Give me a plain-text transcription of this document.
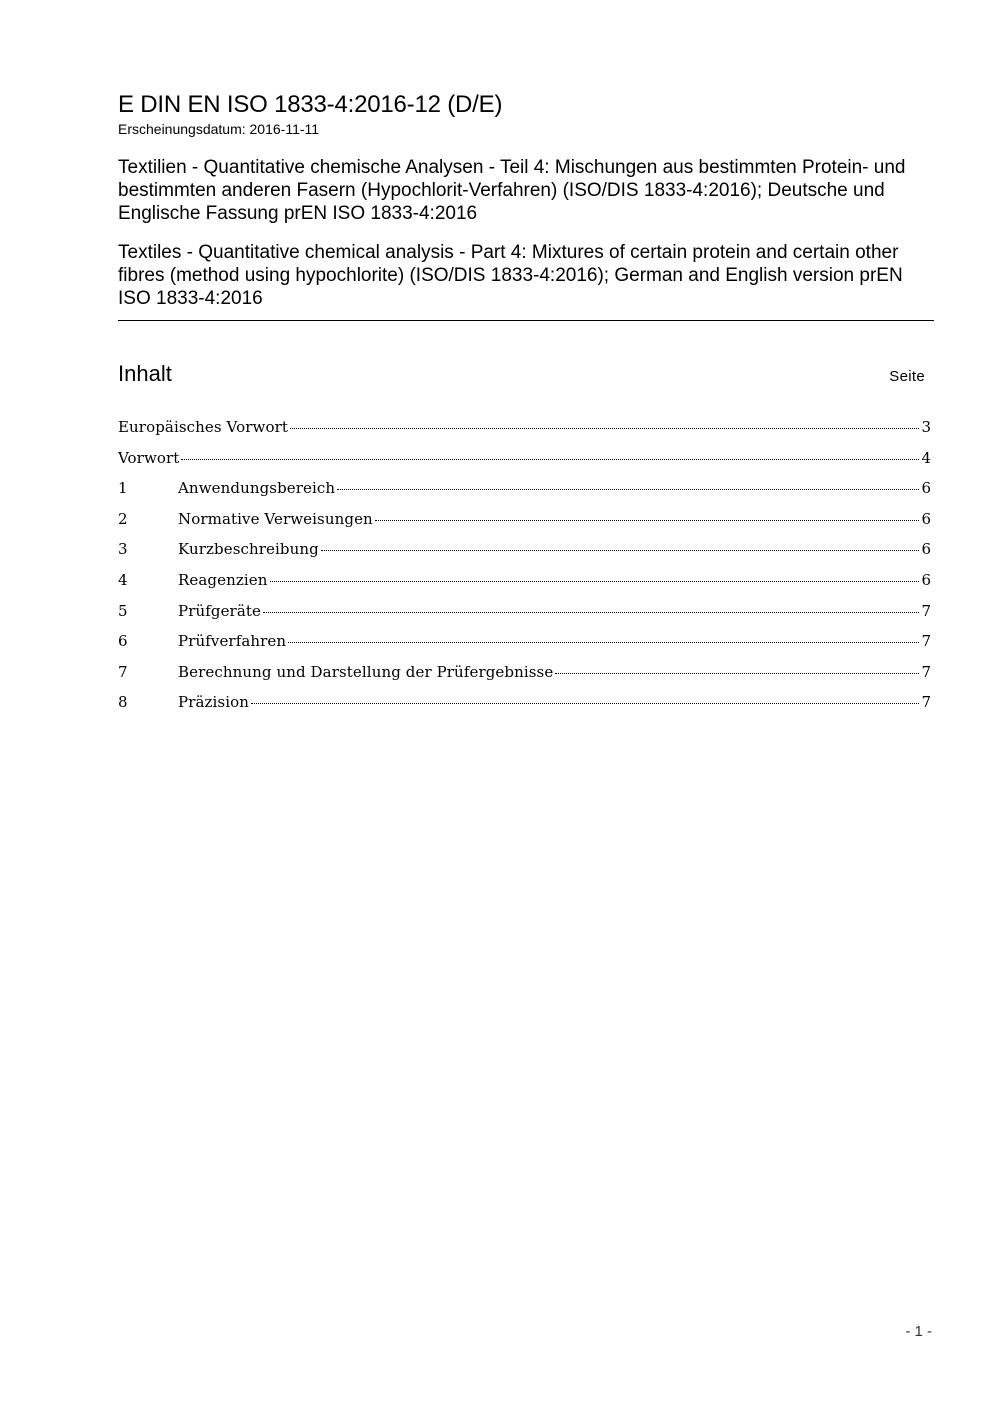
E DIN EN ISO 1833-4:2016-12 (D/E)

Erscheinungsdatum: 2016-11-11

Textilien - Quantitative chemische Analysen - Teil 4: Mischungen aus bestimmten Protein- und bestimmten anderen Fasern (Hypochlorit-Verfahren) (ISO/DIS 1833-4:2016); Deutsche und Englische Fassung prEN ISO 1833-4:2016
Textiles - Quantitative chemical analysis - Part 4: Mixtures of certain protein and certain other fibres (method using hypochlorite) (ISO/DIS 1833-4:2016); German and English version prEN ISO 1833-4:2016
Inhalt	Seite
Europäisches Vorwort	3
Vorwort	4
1	Anwendungsbereich	6
2	Normative Verweisungen	6
3	Kurzbeschreibung	6
4	Reagenzien	6
5	Prüfgeräte	7
6	Prüfverfahren	7
7	Berechnung und Darstellung der Prüfergebnisse	7
8	Präzision	7
- 1 -
